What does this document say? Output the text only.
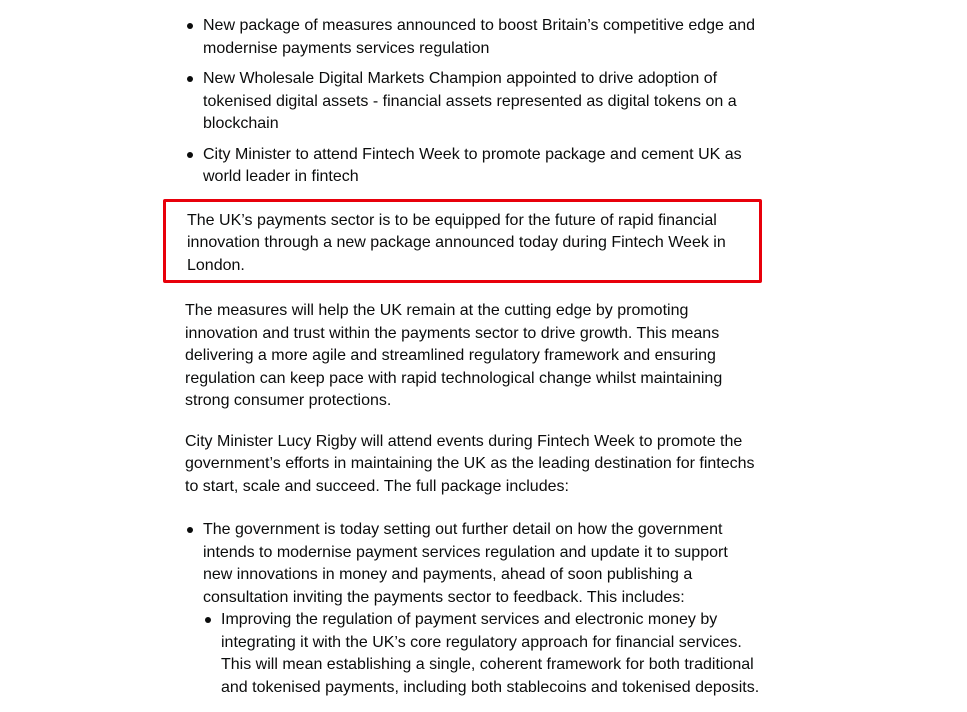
New package of measures announced to boost Britain’s competitive edge and modernise payments services regulation
New Wholesale Digital Markets Champion appointed to drive adoption of tokenised digital assets - financial assets represented as digital tokens on a blockchain
City Minister to attend Fintech Week to promote package and cement UK as world leader in fintech

The UK’s payments sector is to be equipped for the future of rapid financial innovation through a new package announced today during Fintech Week in London.

The measures will help the UK remain at the cutting edge by promoting innovation and trust within the payments sector to drive growth. This means delivering a more agile and streamlined regulatory framework and ensuring regulation can keep pace with rapid technological change whilst maintaining strong consumer protections.

City Minister Lucy Rigby will attend events during Fintech Week to promote the government’s efforts in maintaining the UK as the leading destination for fintechs to start, scale and succeed. The full package includes:

The government is today setting out further detail on how the government intends to modernise payment services regulation and update it to support new innovations in money and payments, ahead of soon publishing a consultation inviting the payments sector to feedback. This includes:
Improving the regulation of payment services and electronic money by integrating it with the UK’s core regulatory approach for financial services. This will mean establishing a single, coherent framework for both traditional and tokenised payments, including both stablecoins and tokenised deposits.
